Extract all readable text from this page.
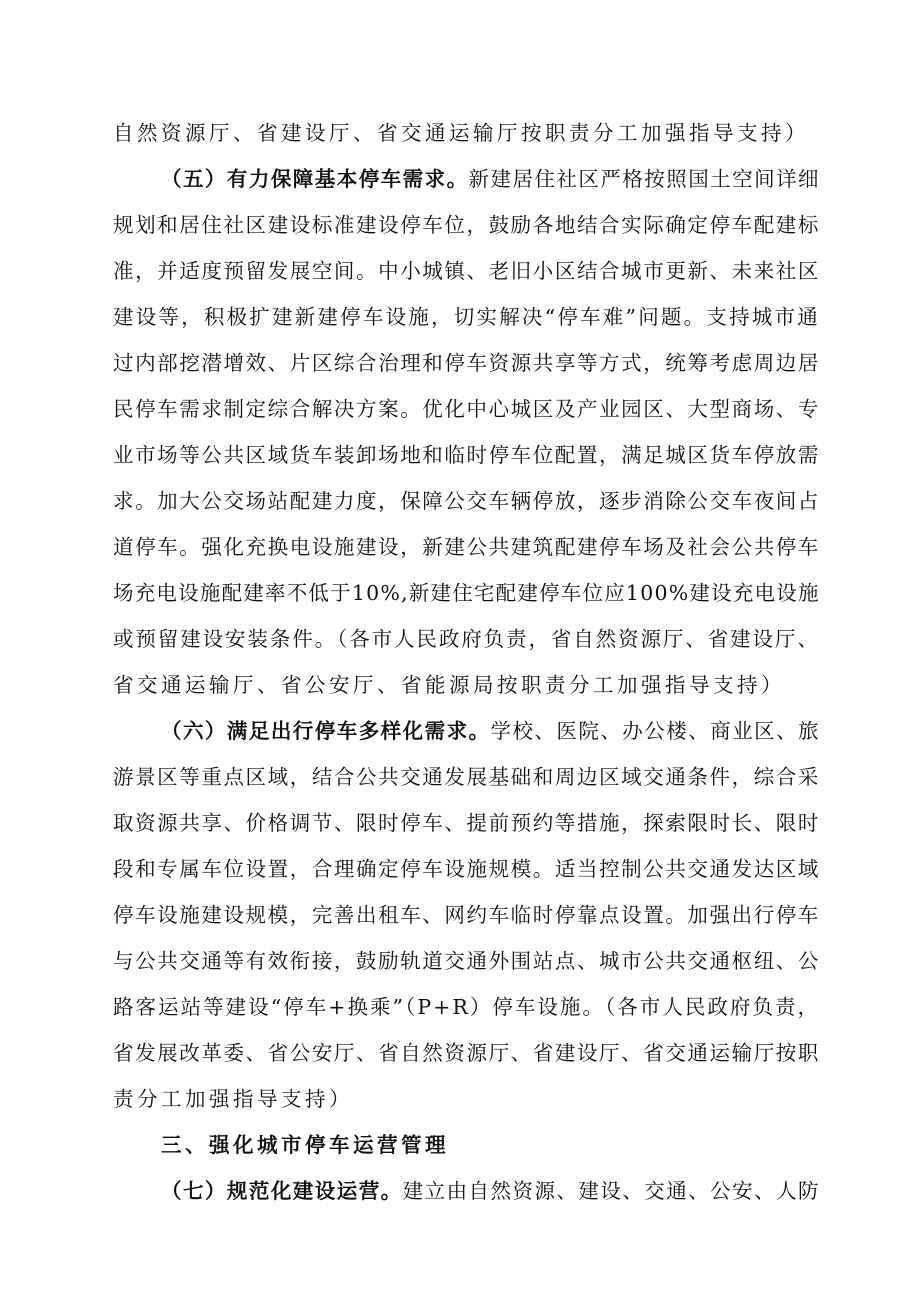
自然资源厅、省建设厅、省交通运输厅按职责分工加强指导支持）
（五）有力保障基本停车需求。新建居住社区严格按照国土空间详细
规划和居住社区建设标准建设停车位，鼓励各地结合实际确定停车配建标
准，并适度预留发展空间。中小城镇、老旧小区结合城市更新、未来社区
建设等，积极扩建新建停车设施，切实解决“停车难”问题。支持城市通
过内部挖潜增效、片区综合治理和停车资源共享等方式，统筹考虑周边居
民停车需求制定综合解决方案。优化中心城区及产业园区、大型商场、专
业市场等公共区域货车装卸场地和临时停车位配置，满足城区货车停放需
求。加大公交场站配建力度，保障公交车辆停放，逐步消除公交车夜间占
道停车。强化充换电设施建设，新建公共建筑配建停车场及社会公共停车
场充电设施配建率不低于10%,新建住宅配建停车位应100%建设充电设施
或预留建设安装条件。（各市人民政府负责，省自然资源厅、省建设厅、
省交通运输厅、省公安厅、省能源局按职责分工加强指导支持）
（六）满足出行停车多样化需求。学校、医院、办公楼、商业区、旅
游景区等重点区域，结合公共交通发展基础和周边区域交通条件，综合采
取资源共享、价格调节、限时停车、提前预约等措施，探索限时长、限时
段和专属车位设置，合理确定停车设施规模。适当控制公共交通发达区域
停车设施建设规模，完善出租车、网约车临时停靠点设置。加强出行停车
与公共交通等有效衔接，鼓励轨道交通外围站点、城市公共交通枢纽、公
路客运站等建设“停车+换乘”（P+R）停车设施。（各市人民政府负责，
省发展改革委、省公安厅、省自然资源厅、省建设厅、省交通运输厅按职
责分工加强指导支持）
三、强化城市停车运营管理
（七）规范化建设运营。建立由自然资源、建设、交通、公安、人防
